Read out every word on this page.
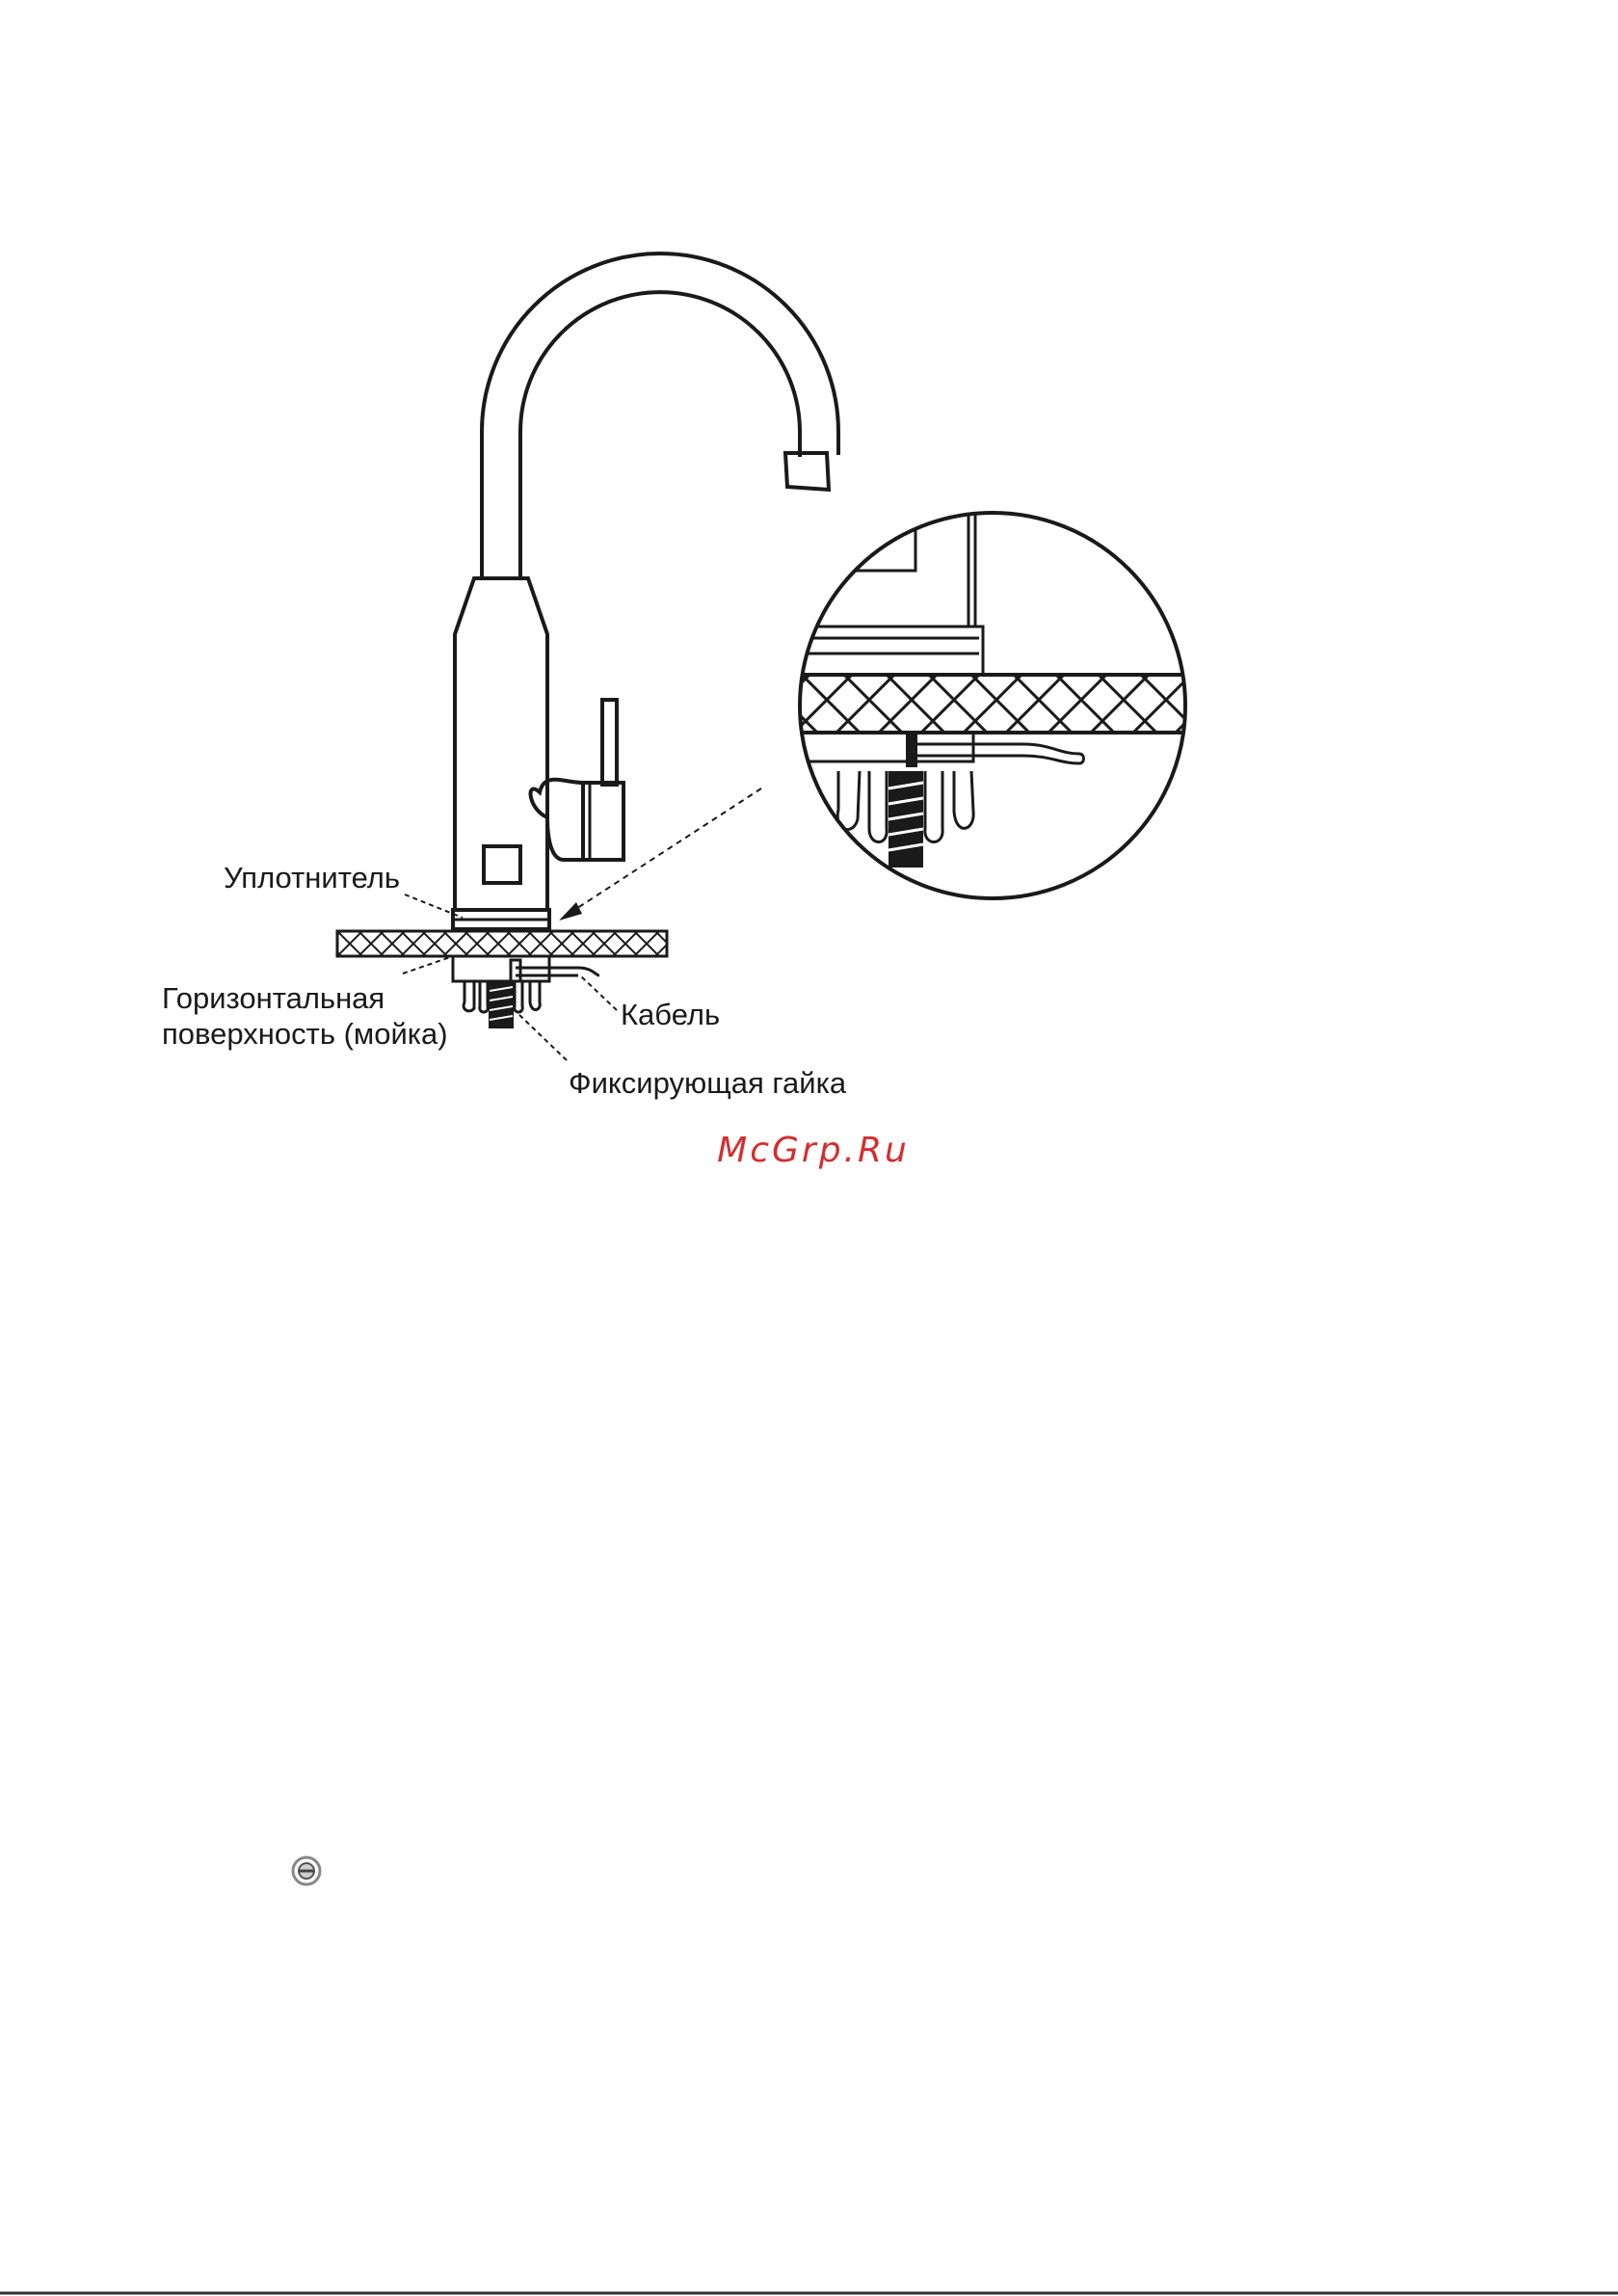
Уплотнитель
Горизонтальная
поверхность (мойка)
Кабель
Фиксирующая гайка
McGrp.Ru
